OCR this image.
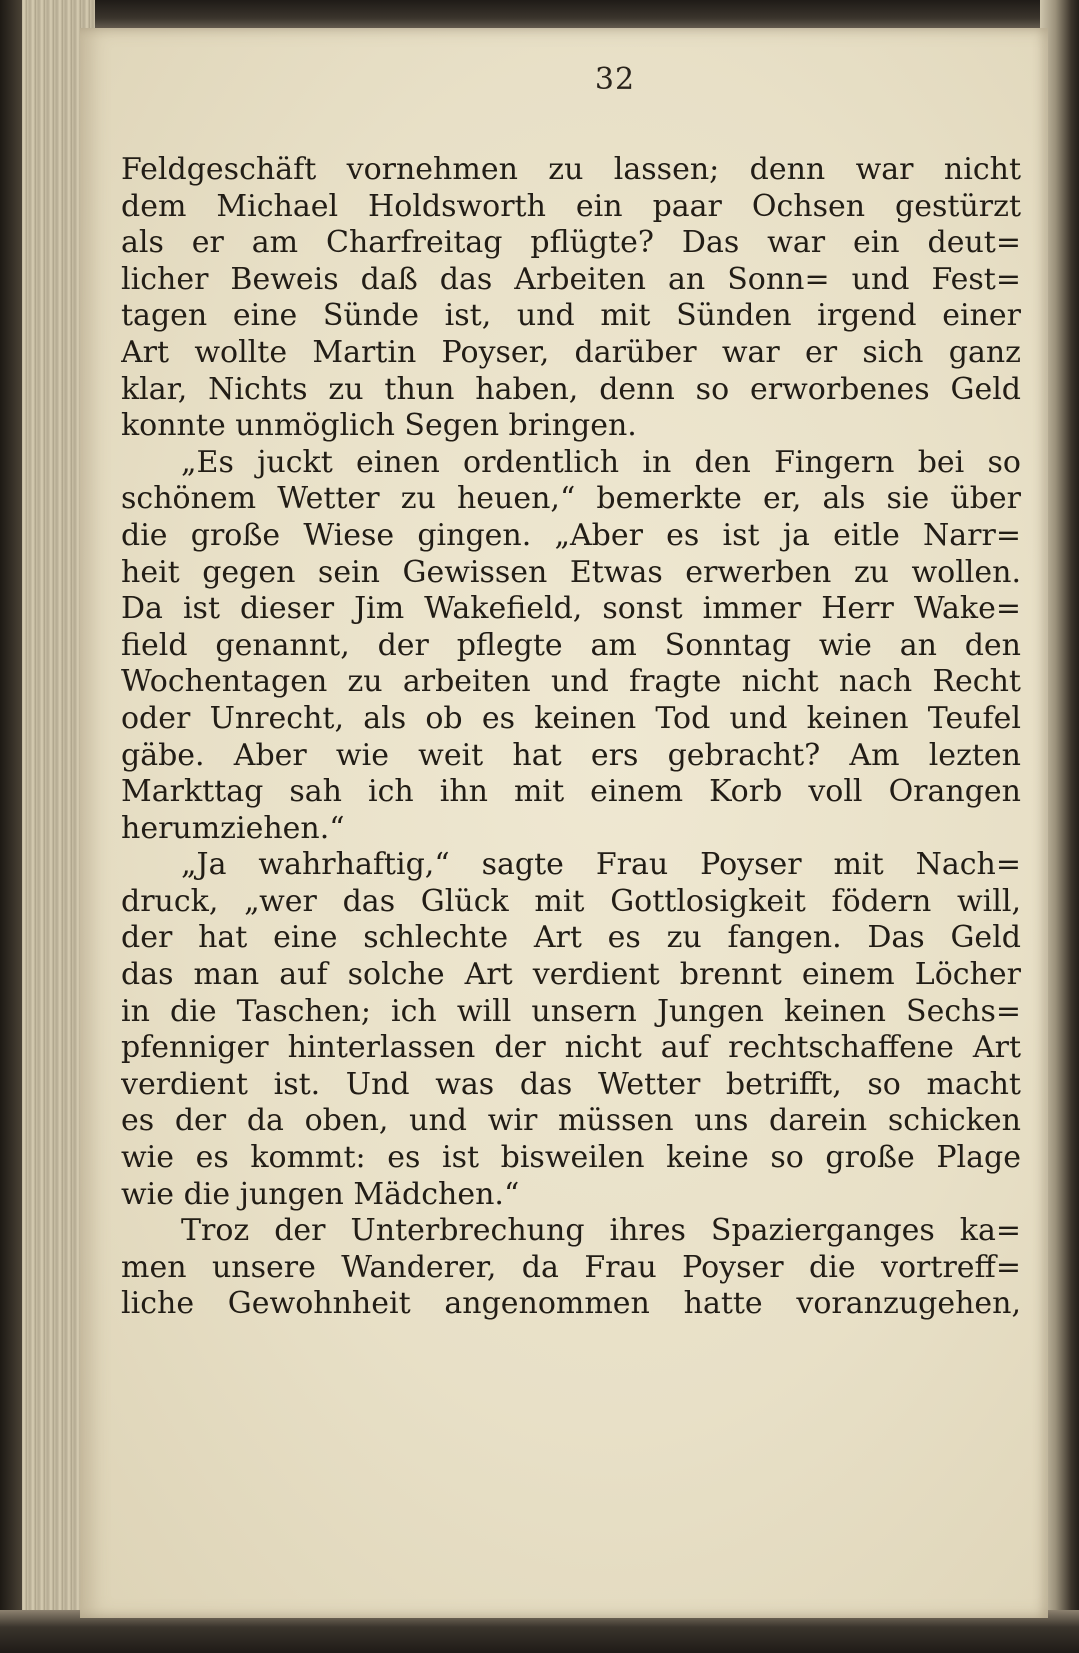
32
Feldgeschäft vornehmen zu lassen; denn war nicht
dem Michael Holdsworth ein paar Ochsen gestürzt
als er am Charfreitag pflügte? Das war ein deut=
licher Beweis daß das Arbeiten an Sonn= und Fest=
tagen eine Sünde ist, und mit Sünden irgend einer
Art wollte Martin Poyser, darüber war er sich ganz
klar, Nichts zu thun haben, denn so erworbenes Geld
konnte unmöglich Segen bringen.
„Es juckt einen ordentlich in den Fingern bei so
schönem Wetter zu heuen,“ bemerkte er, als sie über
die große Wiese gingen. „Aber es ist ja eitle Narr=
heit gegen sein Gewissen Etwas erwerben zu wollen.
Da ist dieser Jim Wakefield, sonst immer Herr Wake=
field genannt, der pflegte am Sonntag wie an den
Wochentagen zu arbeiten und fragte nicht nach Recht
oder Unrecht, als ob es keinen Tod und keinen Teufel
gäbe. Aber wie weit hat ers gebracht? Am lezten
Markttag sah ich ihn mit einem Korb voll Orangen
herumziehen.“
„Ja wahrhaftig,“ sagte Frau Poyser mit Nach=
druck, „wer das Glück mit Gottlosigkeit födern will,
der hat eine schlechte Art es zu fangen. Das Geld
das man auf solche Art verdient brennt einem Löcher
in die Taschen; ich will unsern Jungen keinen Sechs=
pfenniger hinterlassen der nicht auf rechtschaffene Art
verdient ist. Und was das Wetter betrifft, so macht
es der da oben, und wir müssen uns darein schicken
wie es kommt: es ist bisweilen keine so große Plage
wie die jungen Mädchen.“
Troz der Unterbrechung ihres Spazierganges ka=
men unsere Wanderer, da Frau Poyser die vortreff=
liche Gewohnheit angenommen hatte voranzugehen,
